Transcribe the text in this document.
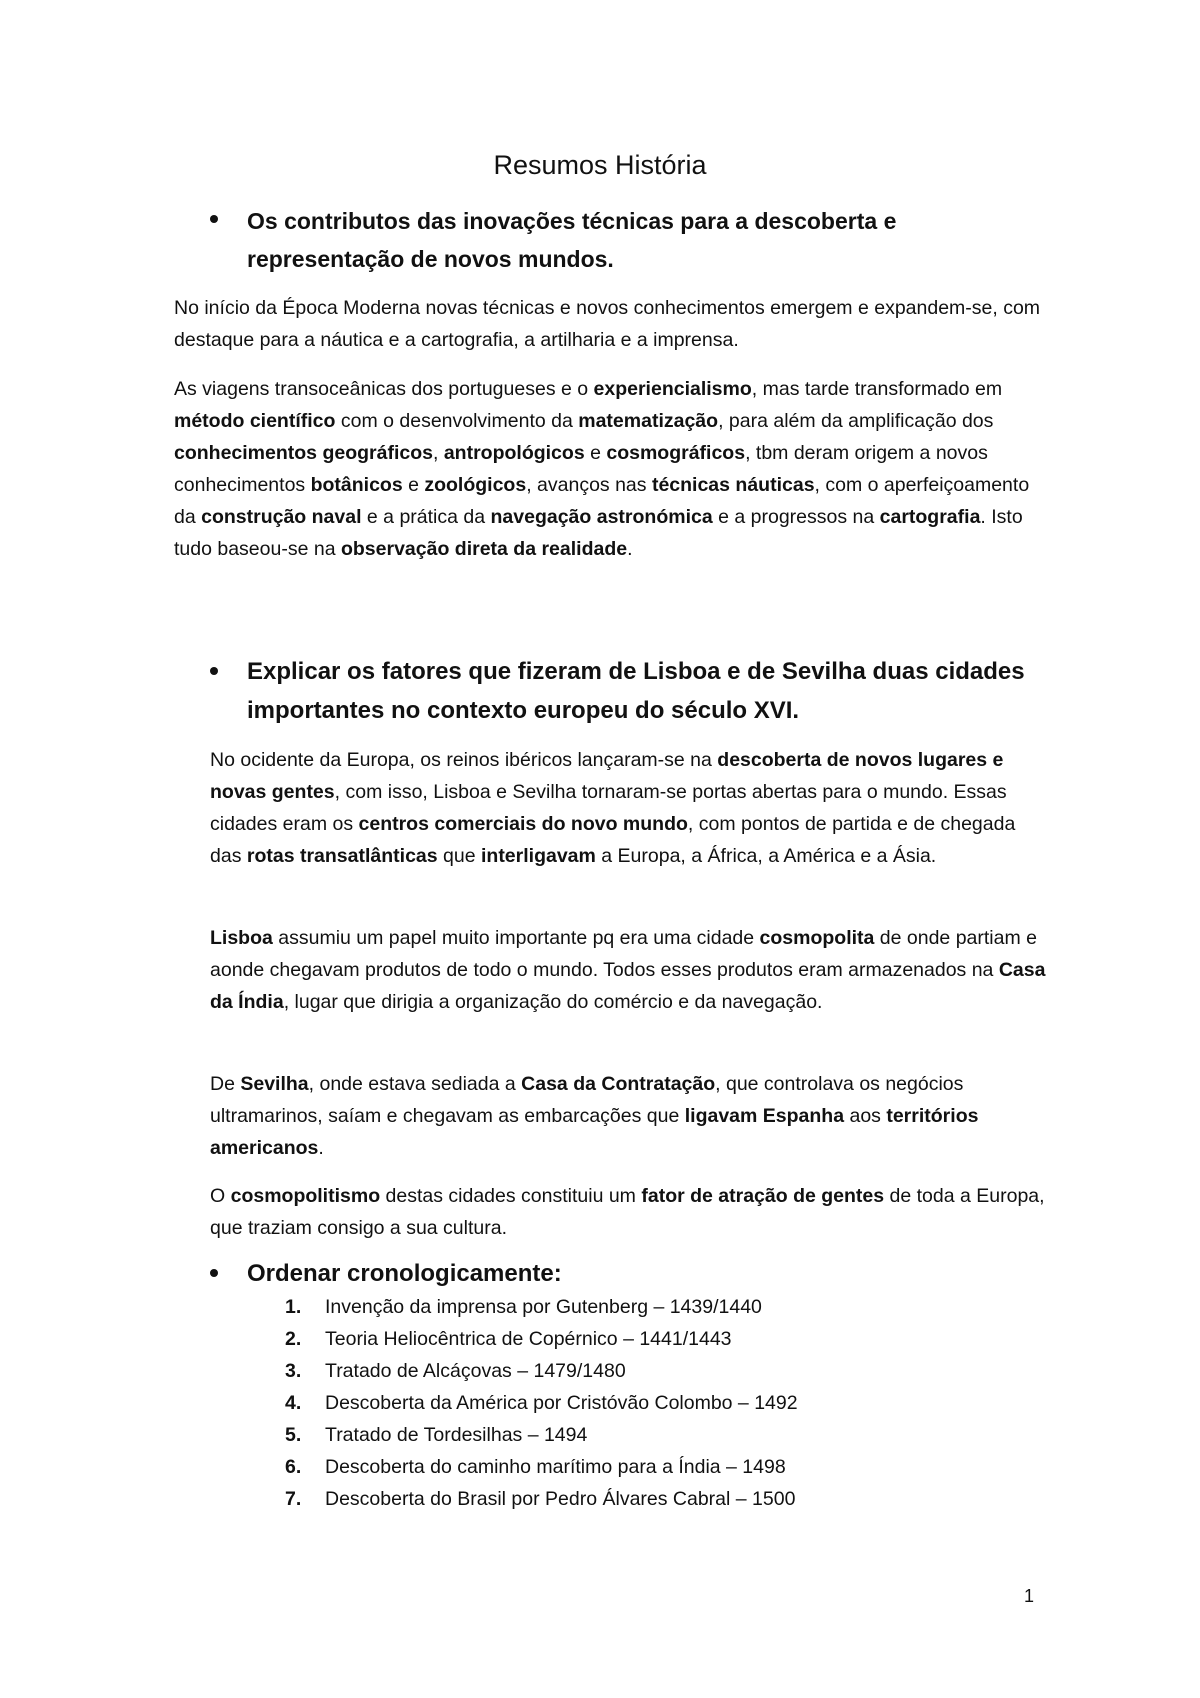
Resumos História
Os contributos das inovações técnicas para a descoberta e
representação de novos mundos.

No início da Época Moderna novas técnicas e novos conhecimentos emergem e expandem-se, com destaque para a náutica e a cartografia, a artilharia e a imprensa.

As viagens transoceânicas dos portugueses e o experiencialismo, mas tarde transformado em método científico com o desenvolvimento da matematização, para além da amplificação dos conhecimentos geográficos, antropológicos e cosmográficos, tbm deram origem a novos conhecimentos botânicos e zoológicos, avanços nas técnicas náuticas, com o aperfeiçoamento da construção naval e a prática da navegação astronómica e a progressos na cartografia. Isto tudo baseou-se na observação direta da realidade.

Explicar os fatores que fizeram de Lisboa e de Sevilha duas cidades
importantes no contexto europeu do século XVI.

No ocidente da Europa, os reinos ibéricos lançaram-se na descoberta de novos lugares e novas gentes, com isso, Lisboa e Sevilha tornaram-se portas abertas para o mundo. Essas cidades eram os centros comerciais do novo mundo, com pontos de partida e de chegada das rotas transatlânticas que interligavam a Europa, a África, a América e a Ásia.

Lisboa assumiu um papel muito importante pq era uma cidade cosmopolita de onde partiam e aonde chegavam produtos de todo o mundo. Todos esses produtos eram armazenados na Casa da Índia, lugar que dirigia a organização do comércio e da navegação.

De Sevilha, onde estava sediada a Casa da Contratação, que controlava os negócios ultramarinos, saíam e chegavam as embarcações que ligavam Espanha aos territórios americanos.

O cosmopolitismo destas cidades constituiu um fator de atração de gentes de toda a Europa, que traziam consigo a sua cultura.

Ordenar cronologicamente:
1. Invenção da imprensa por Gutenberg – 1439/1440
2. Teoria Heliocêntrica de Copérnico – 1441/1443
3. Tratado de Alcáçovas – 1479/1480
4. Descoberta da América por Cristóvão Colombo – 1492
5. Tratado de Tordesilhas – 1494
6. Descoberta do caminho marítimo para a Índia – 1498
7. Descoberta do Brasil por Pedro Álvares Cabral – 1500
1
